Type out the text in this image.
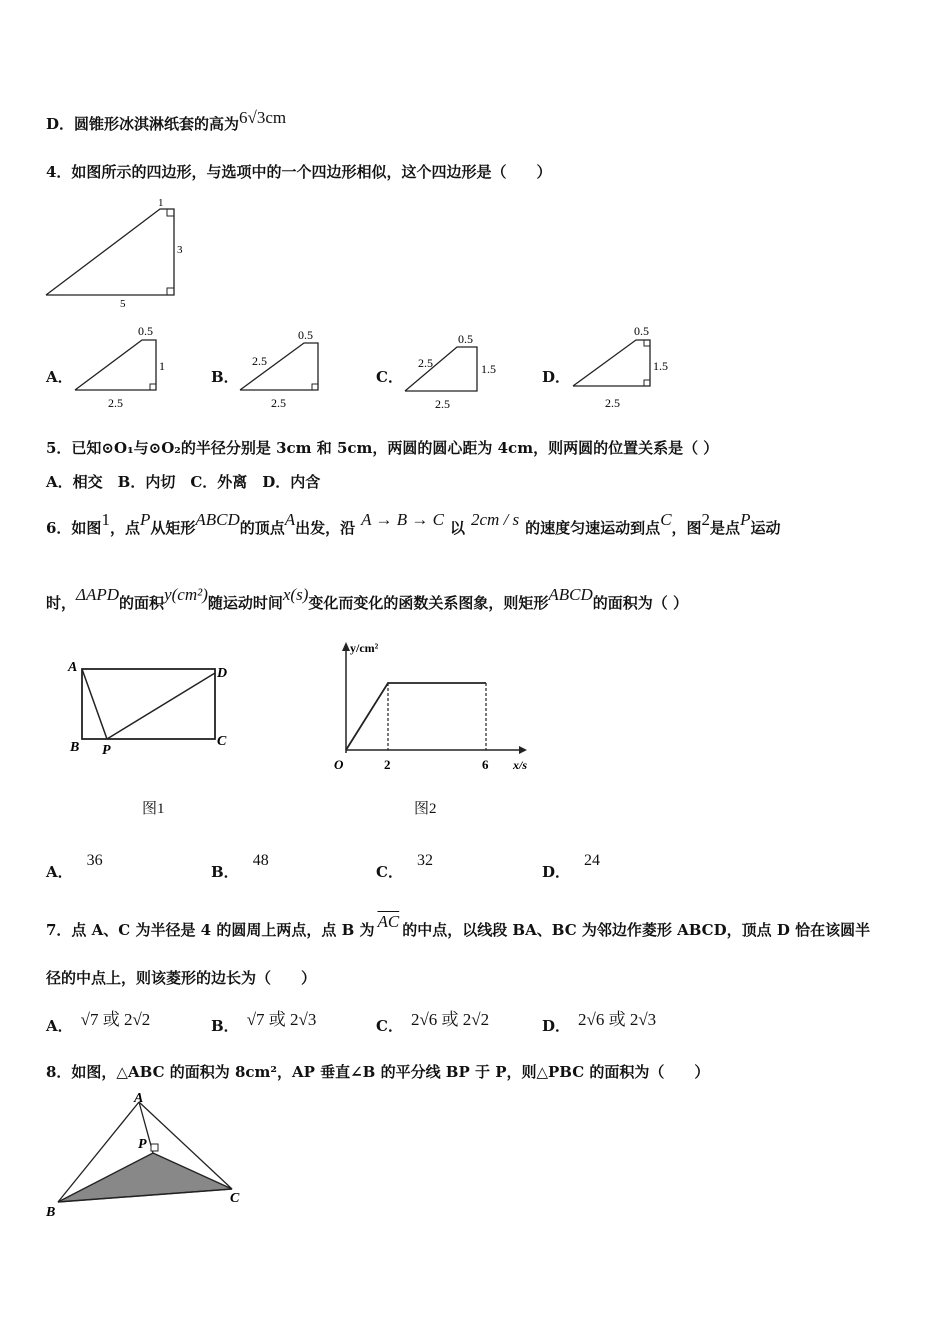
D．圆锥形冰淇淋纸套的高为6√3cm
4．如图所示的四边形，与选项中的一个四边形相似，这个四边形是（　　）
1
3
5
A．
0.5
1
2.5
B．
0.5
2.5
2.5
C．
0.5
2.5	1.5
2.5
D．
0.5
1.5
2.5
5．已知⊙O₁与⊙O₂的半径分别是 3cm 和 5cm，两圆的圆心距为 4cm，则两圆的位置关系是（ ）
A．相交　B．内切　C．外离　D．内含
6．如图1，点P从矩形ABCD的顶点A出发，沿 A → B → C 以 2cm / s 的速度匀速运动到点C，图2是点P运动
时，ΔAPD的面积y(cm²)随运动时间x(s)变化而变化的函数关系图象，则矩形ABCD的面积为（ ）
A
B P
D
C
图1
y/cm²
x/s
O	2	6
图2
A．36
B．48
C．32
D．24
7．点 A、C 为半径是 4 的圆周上两点，点 B 为 $\overline{AC}$ 的中点，以线段 BA、BC 为邻边作菱形 ABCD，顶点 D 恰在该圆半
径的中点上，则该菱形的边长为（　　）
A． √7 或 2√2	B． √7 或 2√3	C． 2√6 或 2√2	D． 2√6 或 2√3
8．如图，△ABC 的面积为 8cm²，AP 垂直∠B 的平分线 BP 于 P，则△PBC 的面积为（　　）
A
P
B
C
